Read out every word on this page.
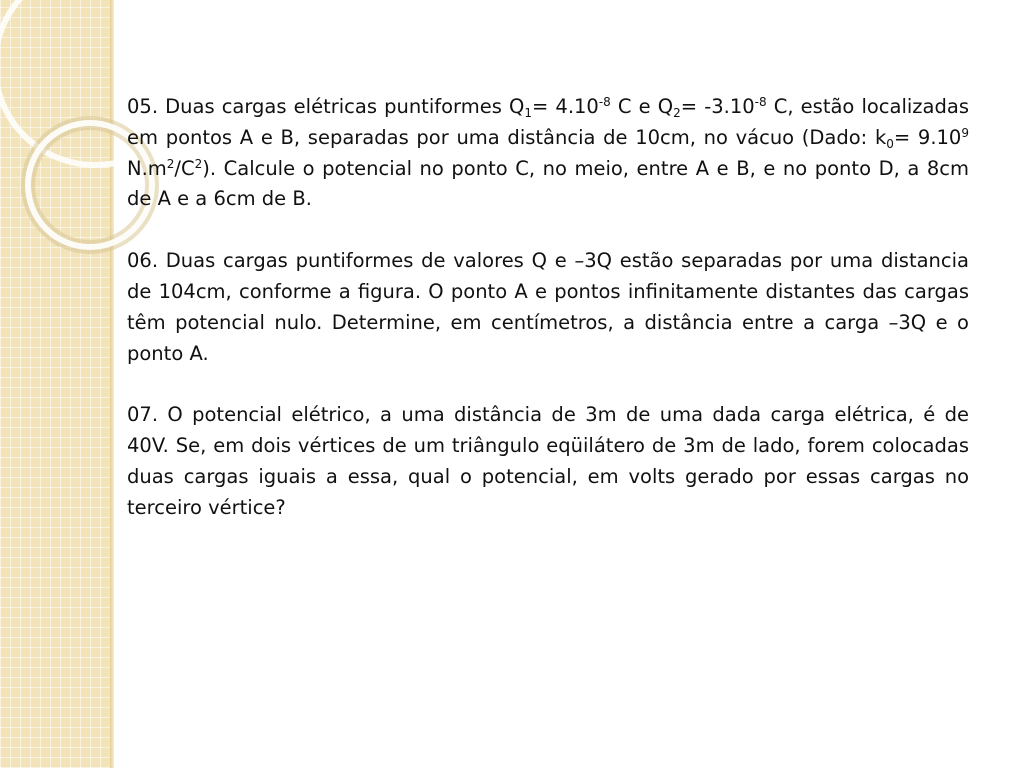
05. Duas cargas elétricas puntiformes $Q_1= 4.10^{-8}$ C e $Q_2= -3.10^{-8}$ C, estão localizadas em pontos A e B, separadas por uma distância de 10cm, no vácuo (Dado: $k_0= 9.10^9$ $N.m^2/C^2$). Calcule o potencial no ponto C, no meio, entre A e B, e no ponto D, a 8cm de A e a 6cm de B.

06. Duas cargas puntiformes de valores Q e –3Q estão separadas por uma distancia de 104cm, conforme a figura. O ponto A e pontos infinitamente distantes das cargas têm potencial nulo. Determine, em centímetros, a distância entre a carga –3Q e o ponto A.

07. O potencial elétrico, a uma distância de 3m de uma dada carga elétrica, é de 40V. Se, em dois vértices de um triângulo eqüilátero de 3m de lado, forem colocadas duas cargas iguais a essa, qual o potencial, em volts gerado por essas cargas no terceiro vértice?
